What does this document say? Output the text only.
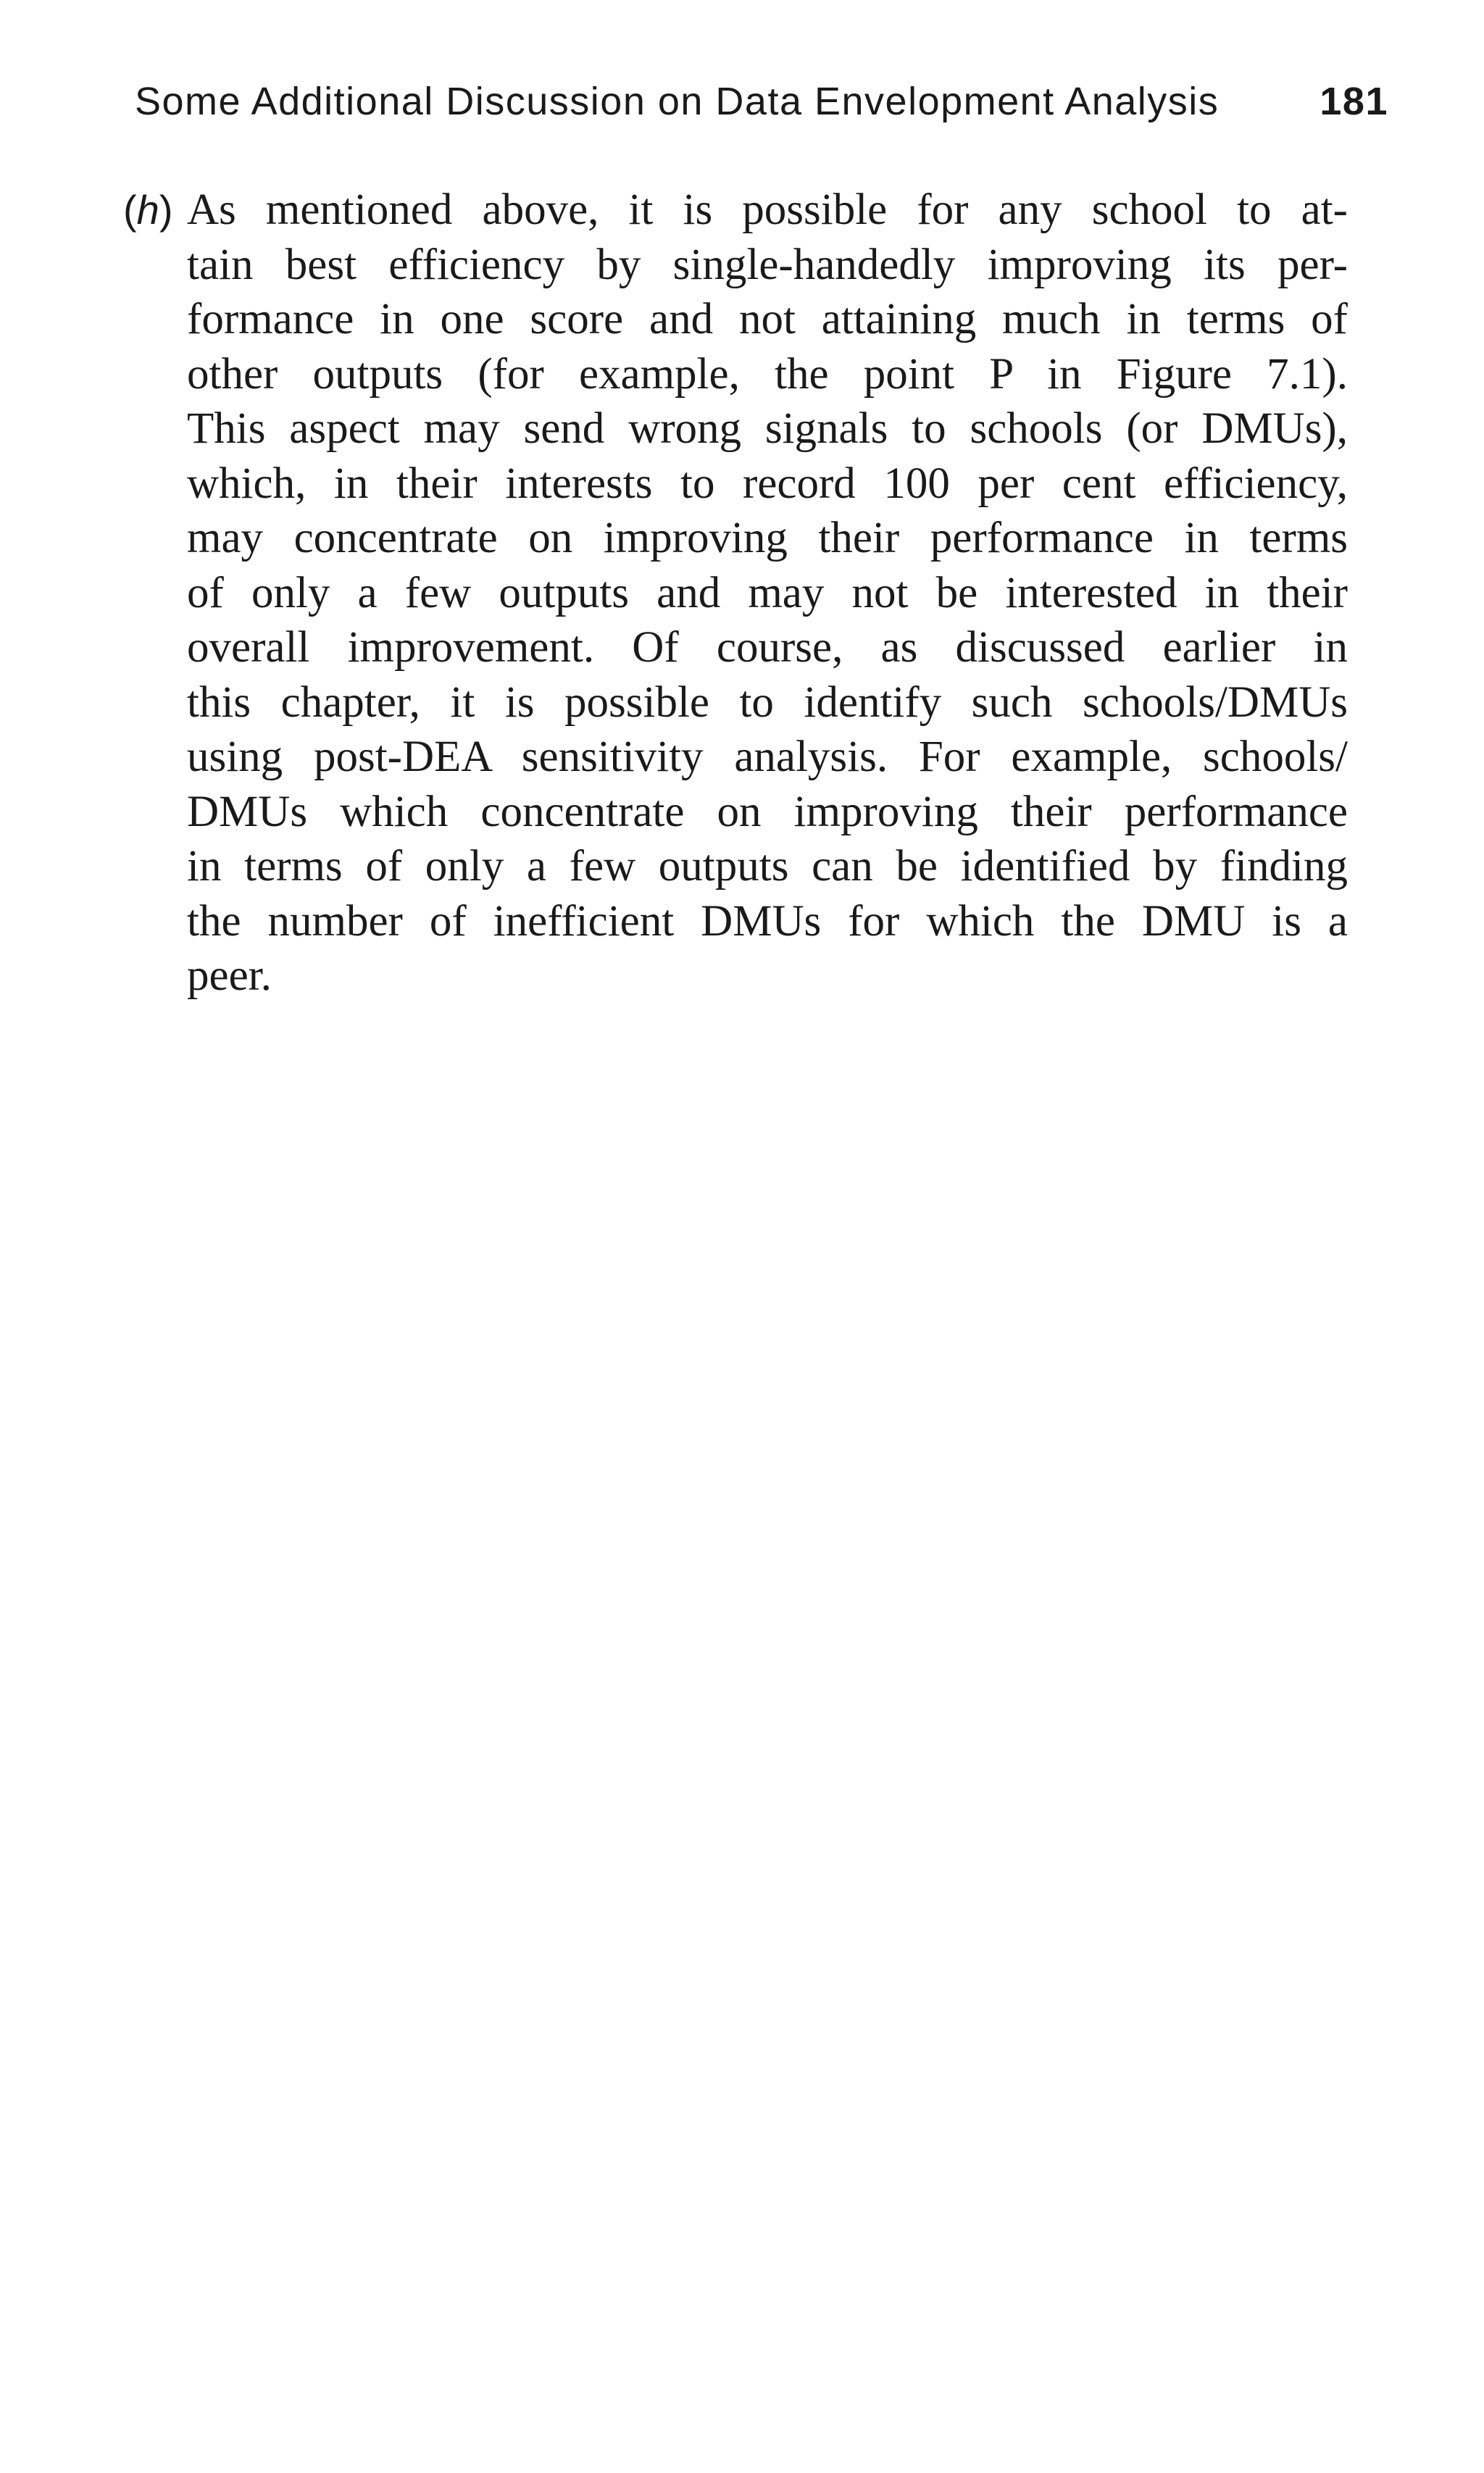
Some Additional Discussion on Data Envelopment Analysis	181
(h) As mentioned above, it is possible for any school to at-
tain best efficiency by single-handedly improving its per-
formance in one score and not attaining much in terms of
other outputs (for example, the point P in Figure 7.1).
This aspect may send wrong signals to schools (or DMUs),
which, in their interests to record 100 per cent efficiency,
may concentrate on improving their performance in terms
of only a few outputs and may not be interested in their
overall improvement. Of course, as discussed earlier in
this chapter, it is possible to identify such schools/DMUs
using post-DEA sensitivity analysis. For example, schools/
DMUs which concentrate on improving their performance
in terms of only a few outputs can be identified by finding
the number of inefficient DMUs for which the DMU is a
peer.
